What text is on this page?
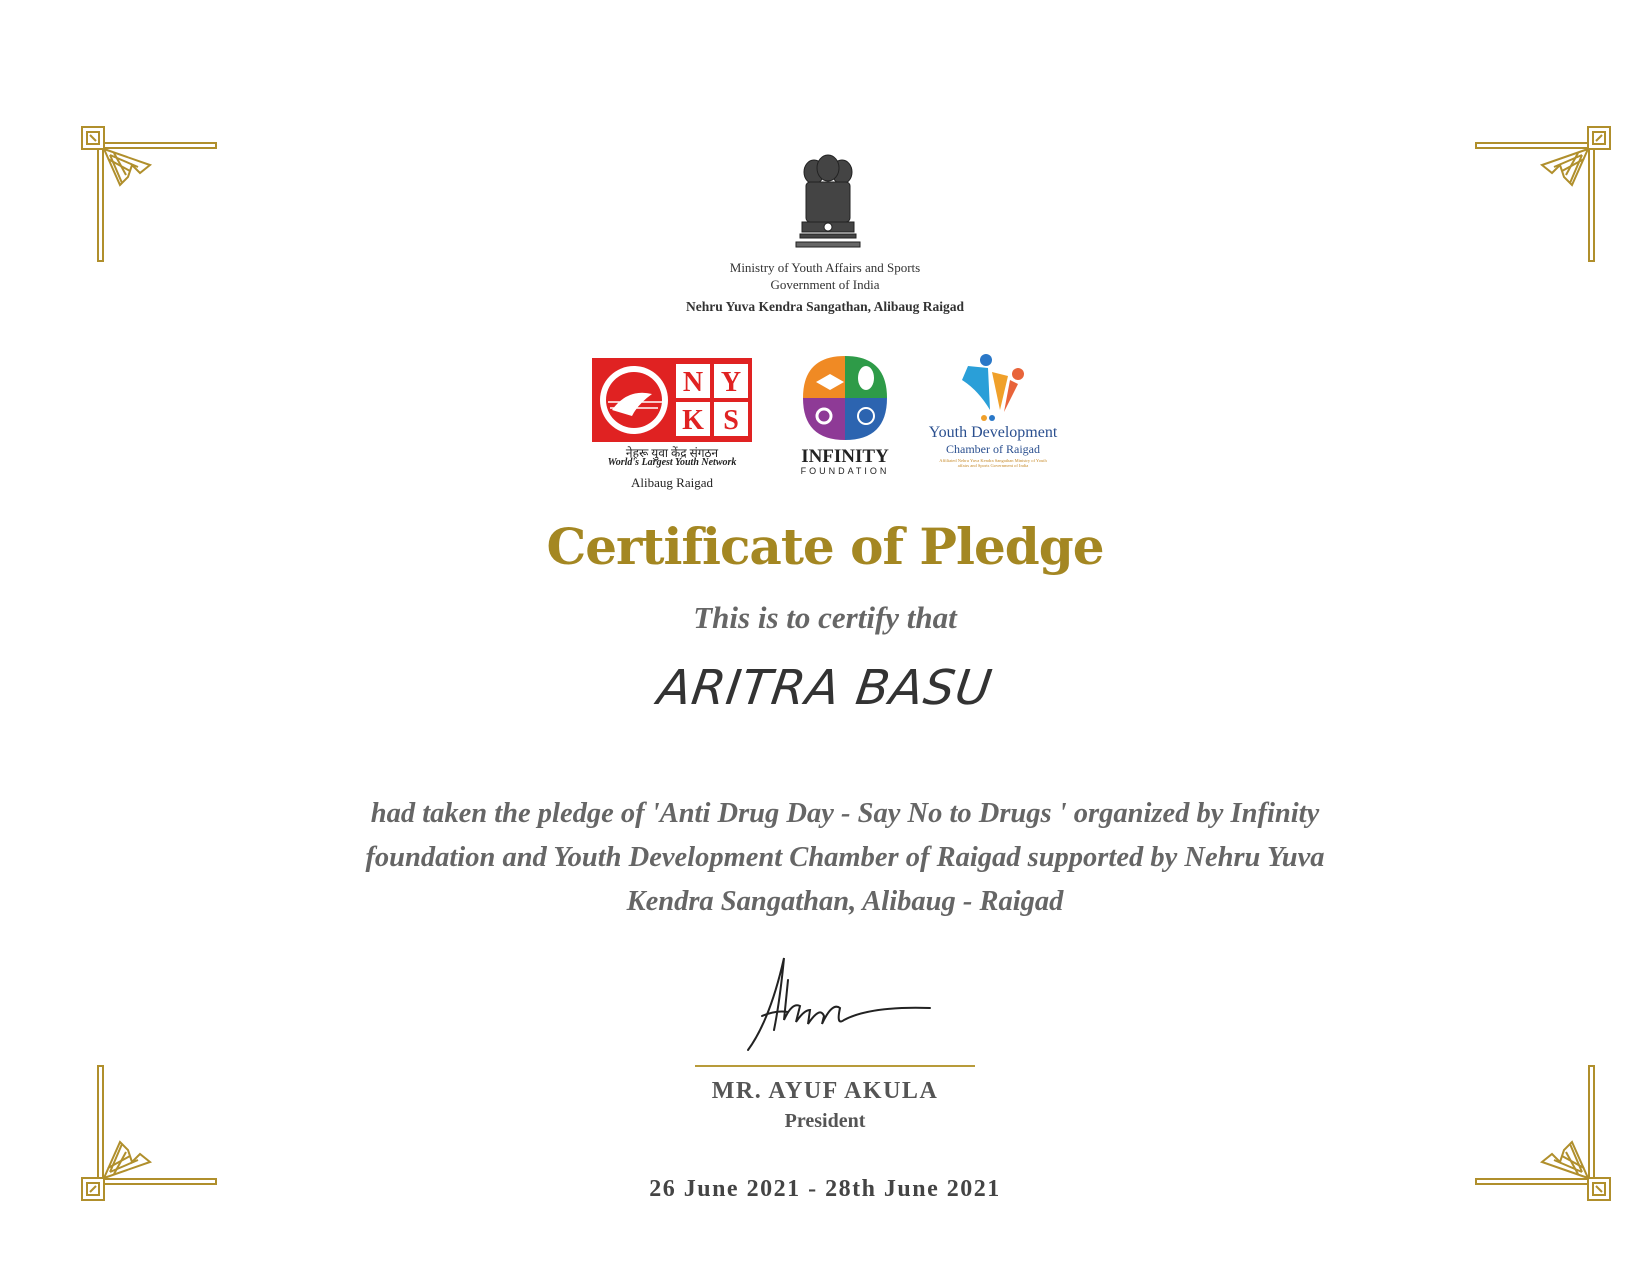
Ministry of Youth Affairs and Sports
Government of India
Nehru Yuva Kendra Sangathan, Alibaug Raigad
N Y
K S
नेहरू युवा केंद्र संगठन
World's Largest Youth Network
Alibaug Raigad
INFINITY
FOUNDATION
Youth Development
Chamber of Raigad
Affiliated Nehru Yuva Kendra Sangathan Ministry of Youth affairs and Sports Government of India
Certificate of Pledge
This is to certify that
ARITRA BASU
had taken the pledge of 'Anti Drug Day - Say No to Drugs ' organized by Infinity foundation and Youth Development Chamber of Raigad supported by Nehru Yuva Kendra Sangathan, Alibaug - Raigad
MR. AYUF AKULA
President
26 June 2021 - 28th June 2021
